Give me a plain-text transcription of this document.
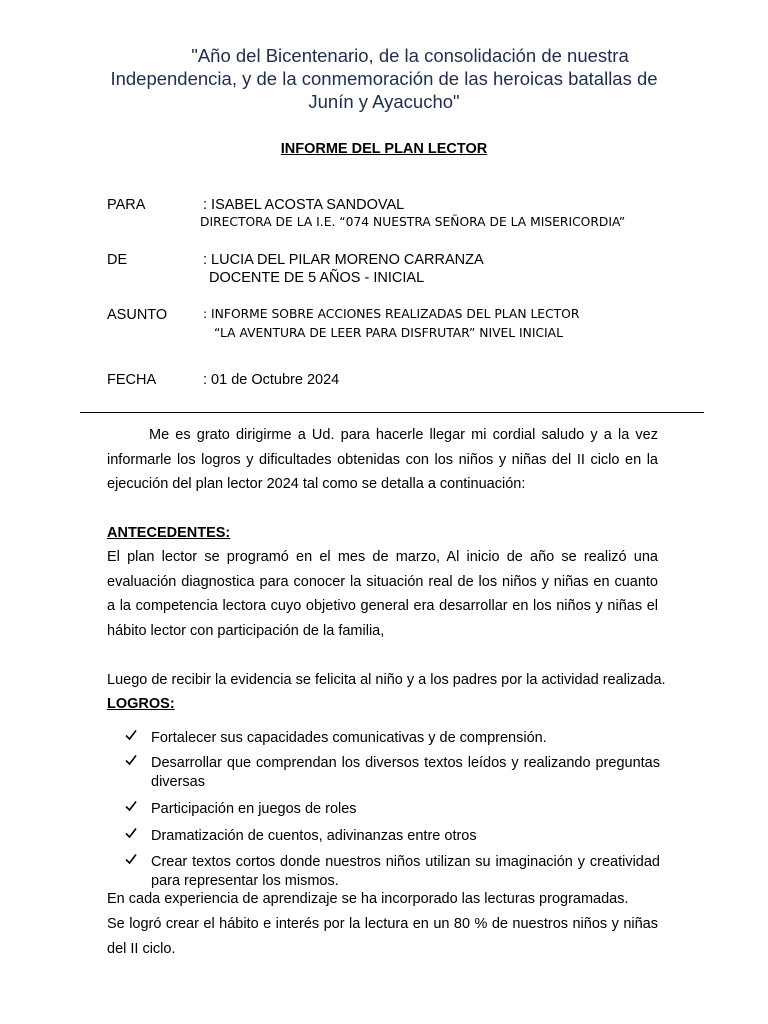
"Año del Bicentenario, de la consolidación de nuestra
Independencia, y de la conmemoración de las heroicas batallas de
Junín y Ayacucho"
INFORME DEL PLAN LECTOR
PARA	: ISABEL ACOSTA SANDOVAL
DIRECTORA DE LA I.E. “074 NUESTRA SEÑORA DE LA MISERICORDIA”
DE	: LUCIA DEL PILAR MORENO CARRANZA
DOCENTE DE 5 AÑOS - INICIAL
ASUNTO	: INFORME SOBRE ACCIONES REALIZADAS DEL PLAN LECTOR
“LA AVENTURA DE LEER PARA DISFRUTAR” NIVEL INICIAL
FECHA	: 01 de Octubre 2024
Me es grato dirigirme a Ud. para hacerle llegar mi cordial saludo y a la vez informarle los logros y dificultades obtenidas con los niños y niñas del II ciclo en la ejecución del plan lector 2024 tal como se detalla a continuación:
ANTECEDENTES:
El plan lector se programó en el mes de marzo, Al inicio de año se realizó una evaluación diagnostica para conocer la situación real de los niños y niñas en cuanto a la competencia lectora cuyo objetivo general era desarrollar en los niños y niñas el hábito lector con participación de la familia,
Luego de recibir la evidencia se felicita al niño y a los padres por la actividad realizada.
LOGROS:
Fortalecer sus capacidades comunicativas y de comprensión.
Desarrollar que comprendan los diversos textos leídos y realizando preguntas diversas
Participación en juegos de roles
Dramatización de cuentos, adivinanzas entre otros
Crear textos cortos donde nuestros niños utilizan su imaginación y creatividad para representar los mismos.
En cada experiencia de aprendizaje se ha incorporado las lecturas programadas.
Se logró crear el hábito e interés por la lectura en un 80 % de nuestros niños y niñas del II ciclo.
